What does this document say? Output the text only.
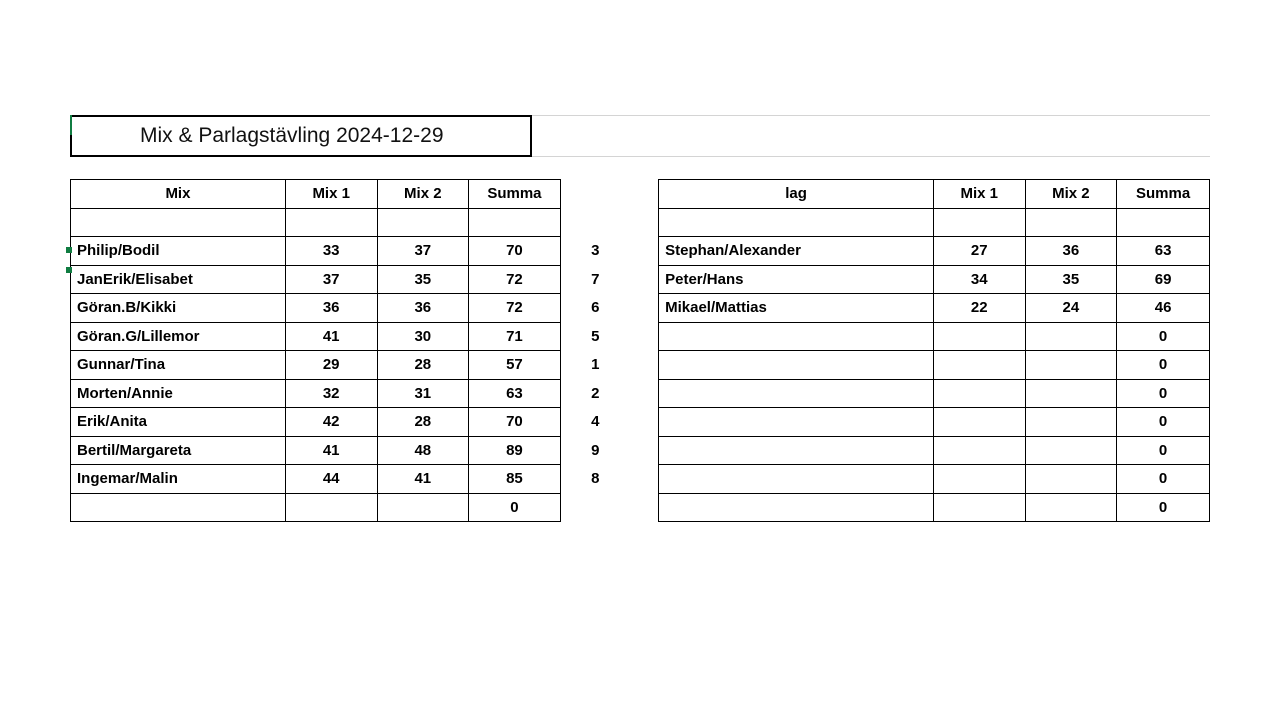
Mix & Parlagstävling 2024-12-29
Mix	Mix 1	Mix 2	Summa			lag	Mix 1	Mix 2	Summa

Philip/Bodil	33	37	70	3		Stephan/Alexander	27	36	63
JanErik/Elisabet	37	35	72	7		Peter/Hans	34	35	69
Göran.B/Kikki	36	36	72	6		Mikael/Mattias	22	24	46
Göran.G/Lillemor	41	30	71	5					0
Gunnar/Tina	29	28	57	1					0
Morten/Annie	32	31	63	2					0
Erik/Anita	42	28	70	4					0
Bertil/Margareta	41	48	89	9					0
Ingemar/Malin	44	41	85	8					0
			0						0
